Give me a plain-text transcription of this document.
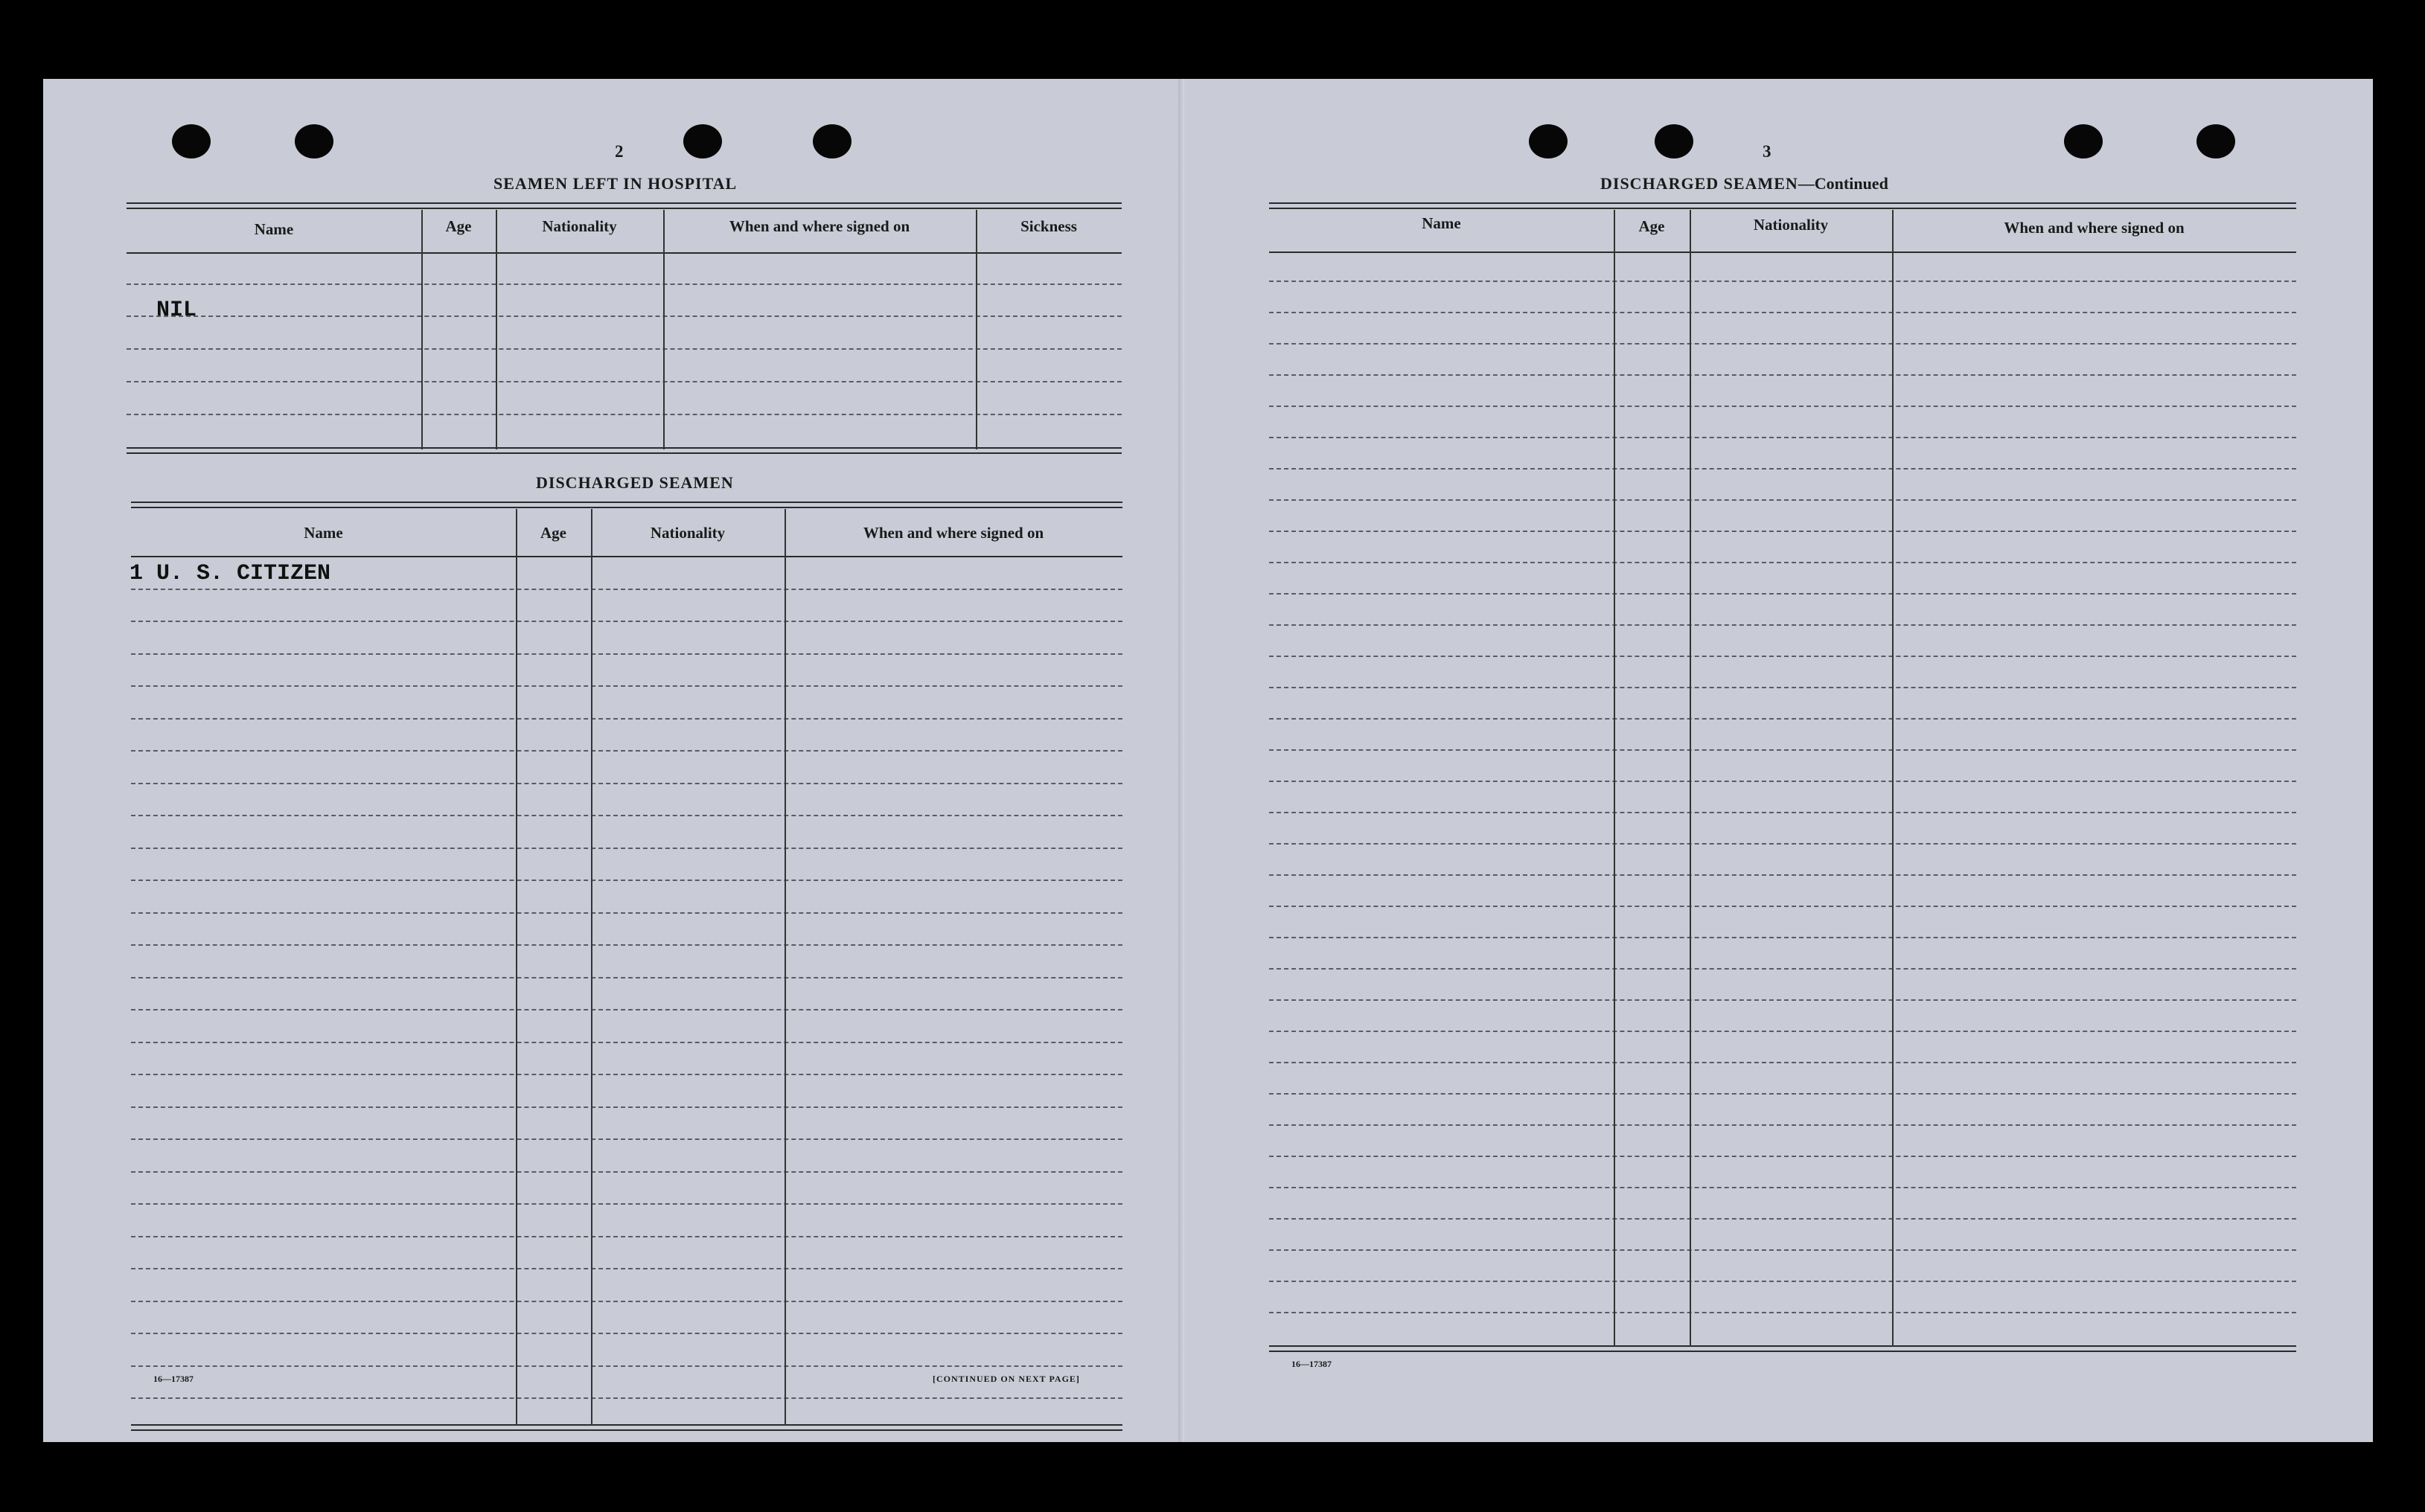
2
SEAMEN LEFT IN HOSPITAL
Name	Age	Nationality	When and where signed on	Sickness
NIL
DISCHARGED SEAMEN
Name	Age	Nationality	When and where signed on
1 U. S. CITIZEN
16—17387	[CONTINUED ON NEXT PAGE]
3
DISCHARGED SEAMEN—Continued
Name	Age	Nationality	When and where signed on
16—17387
